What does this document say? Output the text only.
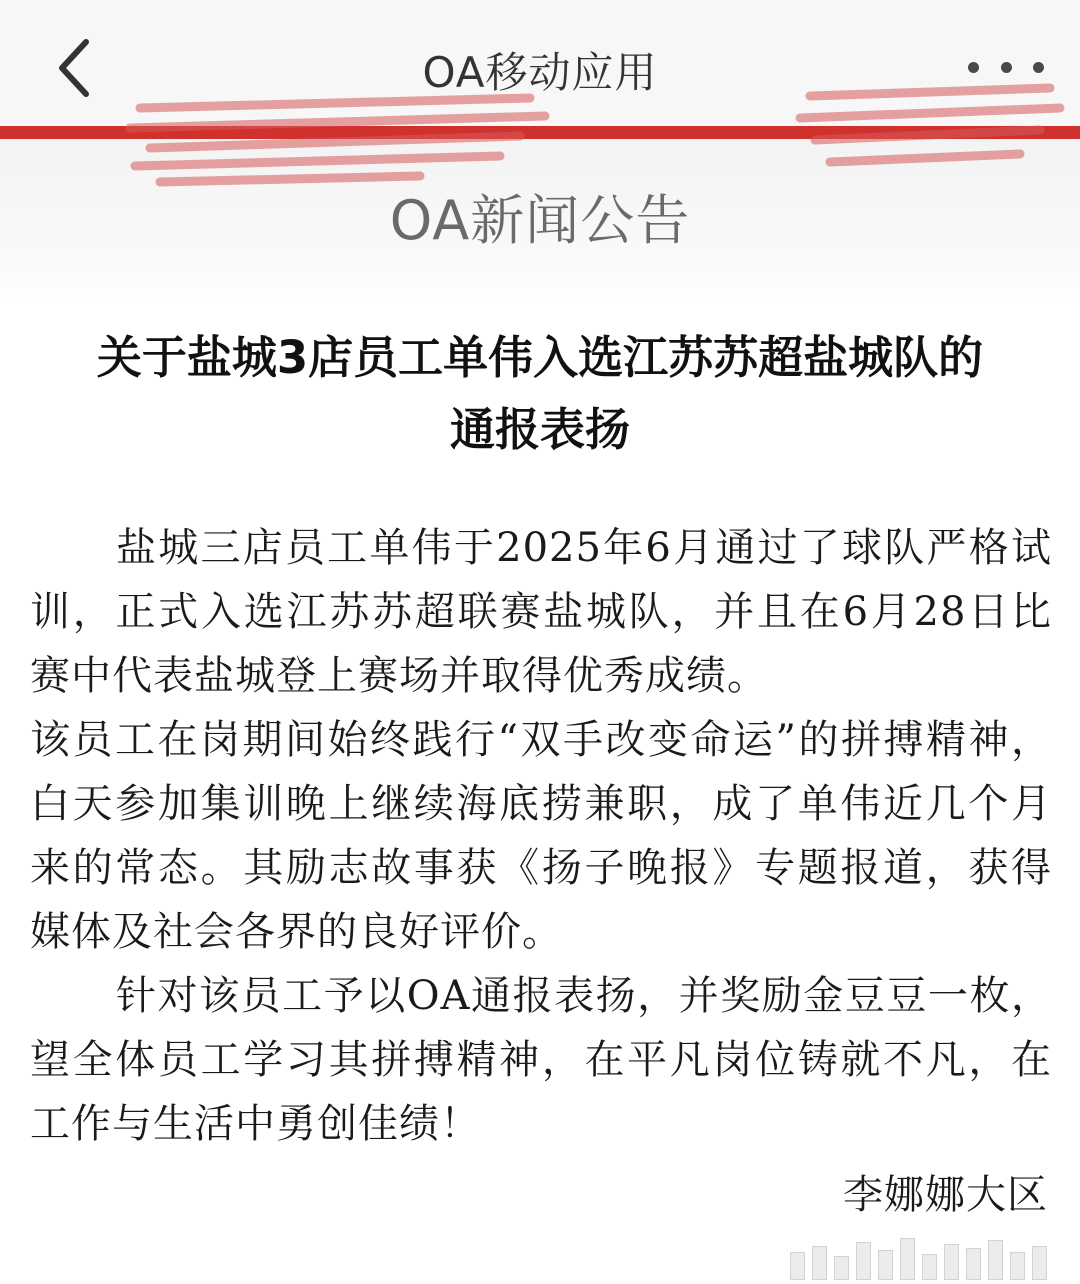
OA移动应用
OA新闻公告
关于盐城3店员工单伟入选江苏苏超盐城队的
通报表扬

盐城三店员工单伟于2025年6月通过了球队严格试训，正式入选江苏苏超联赛盐城队，并且在6月28日比赛中代表盐城登上赛场并取得优秀成绩。

该员工在岗期间始终践行“双手改变命运”的拼搏精神，白天参加集训晚上继续海底捞兼职，成了单伟近几个月来的常态。其励志故事获《扬子晚报》专题报道，获得媒体及社会各界的良好评价。

针对该员工予以OA通报表扬，并奖励金豆豆一枚，望全体员工学习其拼搏精神，在平凡岗位铸就不凡，在工作与生活中勇创佳绩！

李娜娜大区
